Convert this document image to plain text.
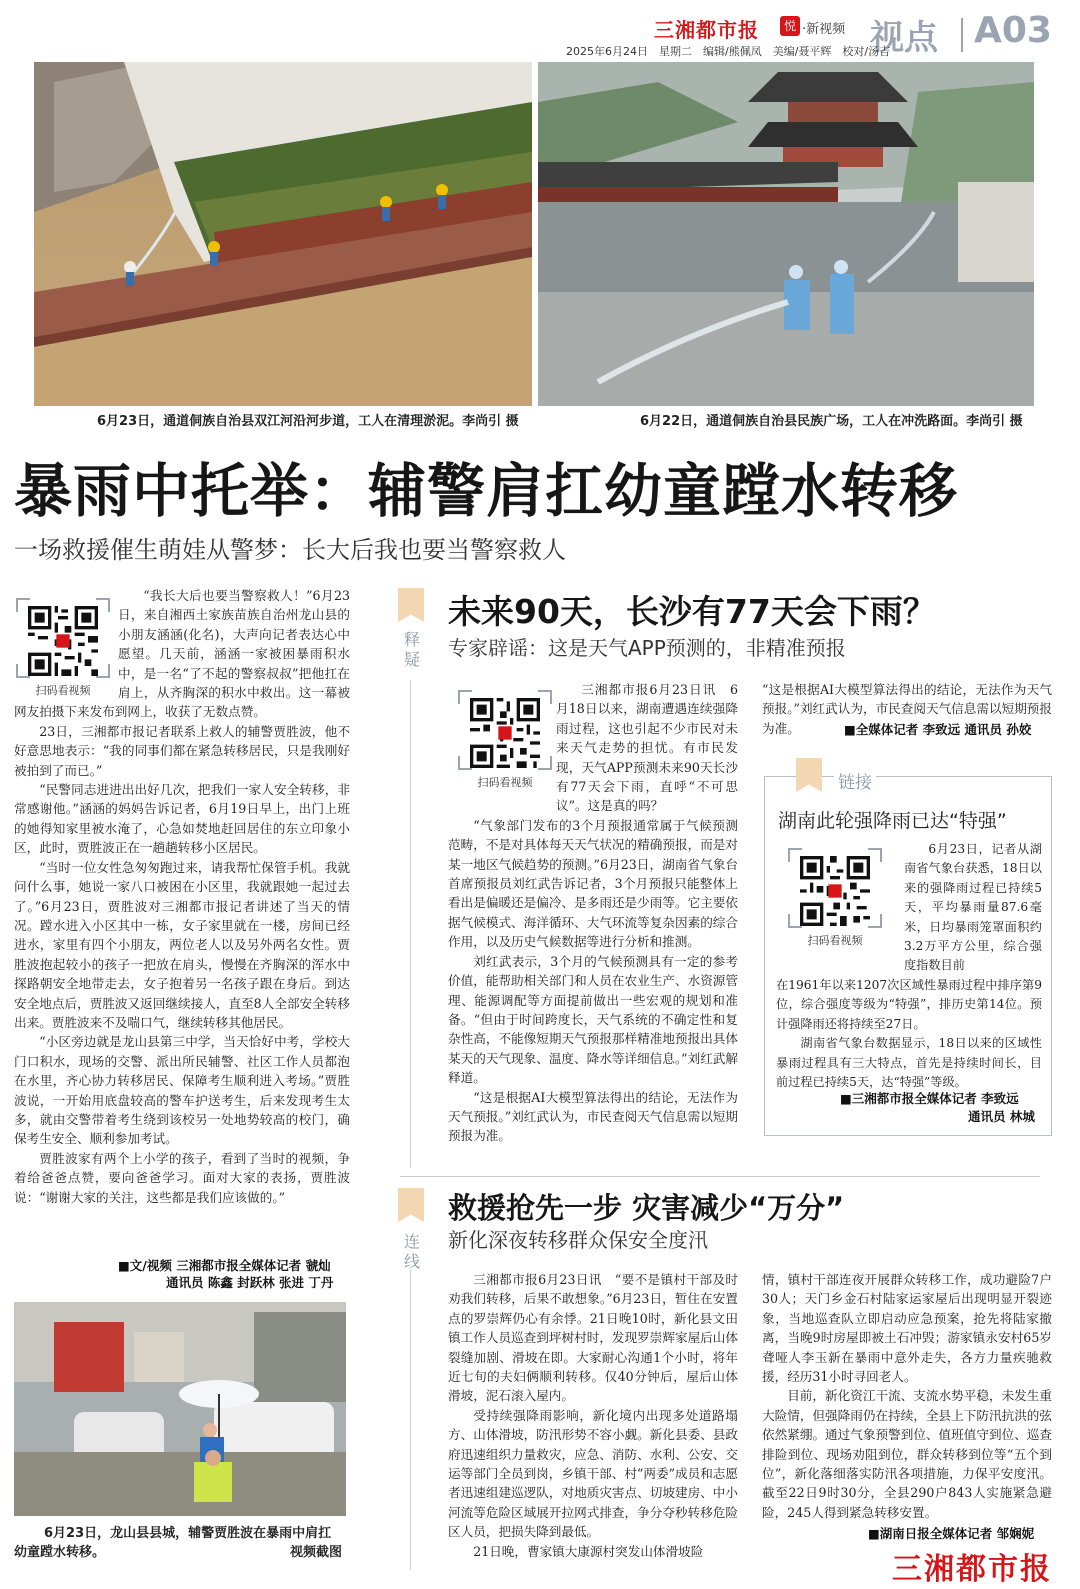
三湘都市报	悦 ·新视频 视点 A03
2025年6月24日　星期二　编辑/熊佩凤　美编/聂平辉　校对/汤吉
6月23日，通道侗族自治县双江河沿河步道，工人在清理淤泥。李尚引 摄	6月22日，通道侗族自治县民族广场，工人在冲洗路面。李尚引 摄
暴雨中托举：辅警肩扛幼童蹚水转移
一场救援催生萌娃从警梦：长大后我也要当警察救人
扫码看视频

“我长大后也要当警察救人！”6月23日，来自湘西土家族苗族自治州龙山县的小朋友涵涵(化名)，大声向记者表达心中愿望。几天前，涵涵一家被困暴雨积水中，是一名“了不起的警察叔叔”把他扛在肩上，从齐胸深的积水中救出。这一幕被网友拍摄下来发布到网上，收获了无数点赞。

23日，三湘都市报记者联系上救人的辅警贾胜波，他不好意思地表示：“我的同事们都在紧急转移居民，只是我刚好被拍到了而已。”

“民警同志进进出出好几次，把我们一家人安全转移，非常感谢他。”涵涵的妈妈告诉记者，6月19日早上，出门上班的她得知家里被水淹了，心急如焚地赶回居住的东立印象小区，此时，贾胜波正在一趟趟转移小区居民。

“当时一位女性急匆匆跑过来，请我帮忙保管手机。我就问什么事，她说一家八口被困在小区里，我就跟她一起过去了。”6月23日，贾胜波对三湘都市报记者讲述了当天的情况。蹚水进入小区其中一栋，女子家里就在一楼，房间已经进水，家里有四个小朋友，两位老人以及另外两名女性。贾胜波抱起较小的孩子一把放在肩头，慢慢在齐胸深的浑水中探路朝安全地带走去，女子抱着另一名孩子跟在身后。到达安全地点后，贾胜波又返回继续接人，直至8人全部安全转移出来。贾胜波来不及喘口气，继续转移其他居民。

“小区旁边就是龙山县第三中学，当天恰好中考，学校大门口积水，现场的交警、派出所民辅警、社区工作人员都泡在水里，齐心协力转移居民、保障考生顺利进入考场。”贾胜波说，一开始用底盘较高的警车护送考生，后来发现考生太多，就由交警带着考生绕到该校另一处地势较高的校门，确保考生安全、顺利参加考试。

贾胜波家有两个上小学的孩子，看到了当时的视频，争着给爸爸点赞，要向爸爸学习。面对大家的表扬，贾胜波说：“谢谢大家的关注，这些都是我们应该做的。”

■文/视频 三湘都市报全媒体记者 虢灿
通讯员 陈鑫 封跃林 张进 丁丹
6月23日，龙山县县城，辅警贾胜波在暴雨中肩扛
幼童蹚水转移。	视频截图
释疑
未来90天，长沙有77天会下雨？
专家辟谣：这是天气APP预测的，非精准预报
扫码看视频

三湘都市报6月23日讯　6月18日以来，湖南遭遇连续强降雨过程，这也引起不少市民对未来天气走势的担忧。有市民发现，天气APP预测未来90天长沙有77天会下雨，直呼“不可思议”。这是真的吗？

“气象部门发布的3个月预报通常属于气候预测范畴，不是对具体每天天气状况的精确预报，而是对某一地区气候趋势的预测。”6月23日，湖南省气象台首席预报员刘红武告诉记者，3个月预报只能整体上看出是偏暖还是偏冷、是多雨还是少雨等。它主要依据气候模式、海洋循环、大气环流等复杂因素的综合作用，以及历史气候数据等进行分析和推测。

刘红武表示，3个月的气候预测具有一定的参考价值，能帮助相关部门和人员在农业生产、水资源管理、能源调配等方面提前做出一些宏观的规划和准备。“但由于时间跨度长，天气系统的不确定性和复杂性高，不能像短期天气预报那样精准地预报出具体某天的天气现象、温度、降水等详细信息。”刘红武解释道。

“这是根据AI大模型算法得出的结论，无法作为天气预报。”刘红武认为，市民查阅天气信息需以短期预报为准。

“这是根据AI大模型算法得出的结论，无法作为天气预报。”刘红武认为，市民查阅天气信息需以短期预报为准。	■全媒体记者 李致远 通讯员 孙姣
链接
湖南此轮强降雨已达“特强”
扫码看视频
6月23日，记者从湖南省气象台获悉，18日以来的强降雨过程已持续5天，平均暴雨量87.6毫米，日均暴雨笼罩面积约3.2万平方公里，综合强度指数目前

在1961年以来1207次区域性暴雨过程中排序第9位，综合强度等级为“特强”，排历史第14位。预计强降雨还将持续至27日。

湖南省气象台数据显示，18日以来的区域性暴雨过程具有三大特点，首先是持续时间长，目前过程已持续5天，达“特强”等级。

■三湘都市报全媒体记者 李致远
通讯员 林城
连线
救援抢先一步 灾害减少“万分”
新化深夜转移群众保安全度汛

三湘都市报6月23日讯　“要不是镇村干部及时劝我们转移，后果不敢想象。”6月23日，暂住在安置点的罗崇辉仍心有余悸。21日晚10时，新化县文田镇工作人员巡查到坪树村时，发现罗崇辉家屋后山体裂缝加剧、滑坡在即。大家耐心沟通1个小时，将年近七旬的夫妇俩顺利转移。仅40分钟后，屋后山体滑坡，泥石滚入屋内。

受持续强降雨影响，新化境内出现多处道路塌方、山体滑坡，防汛形势不容小觑。新化县委、县政府迅速组织力量救灾，应急、消防、水利、公安、交运等部门全员到岗，乡镇干部、村“两委”成员和志愿者迅速组建巡逻队，对地质灾害点、切坡建房、中小河流等危险区域展开拉网式排查，争分夺秒转移危险区人员，把损失降到最低。

21日晚，曹家镇大康源村突发山体滑坡险

情，镇村干部连夜开展群众转移工作，成功避险7户30人；天门乡金石村陆家运家屋后出现明显开裂迹象，当地巡查队立即启动应急预案，抢先将陆家撤离，当晚9时房屋即被土石冲毁；游家镇永安村65岁聋哑人李玉新在暴雨中意外走失，各方力量疾驰救援，经历31小时寻回老人。

目前，新化资江干流、支流水势平稳，未发生重大险情，但强降雨仍在持续，全县上下防汛抗洪的弦依然紧绷。通过气象预警到位、值班值守到位、巡查排险到位、现场劝阻到位，群众转移到位等“五个到位”，新化落细落实防汛各项措施，力保平安度汛。截至22日9时30分，全县290户843人实施紧急避险，245人得到紧急转移安置。

■湖南日报全媒体记者 邹娴妮
三湘都市报
